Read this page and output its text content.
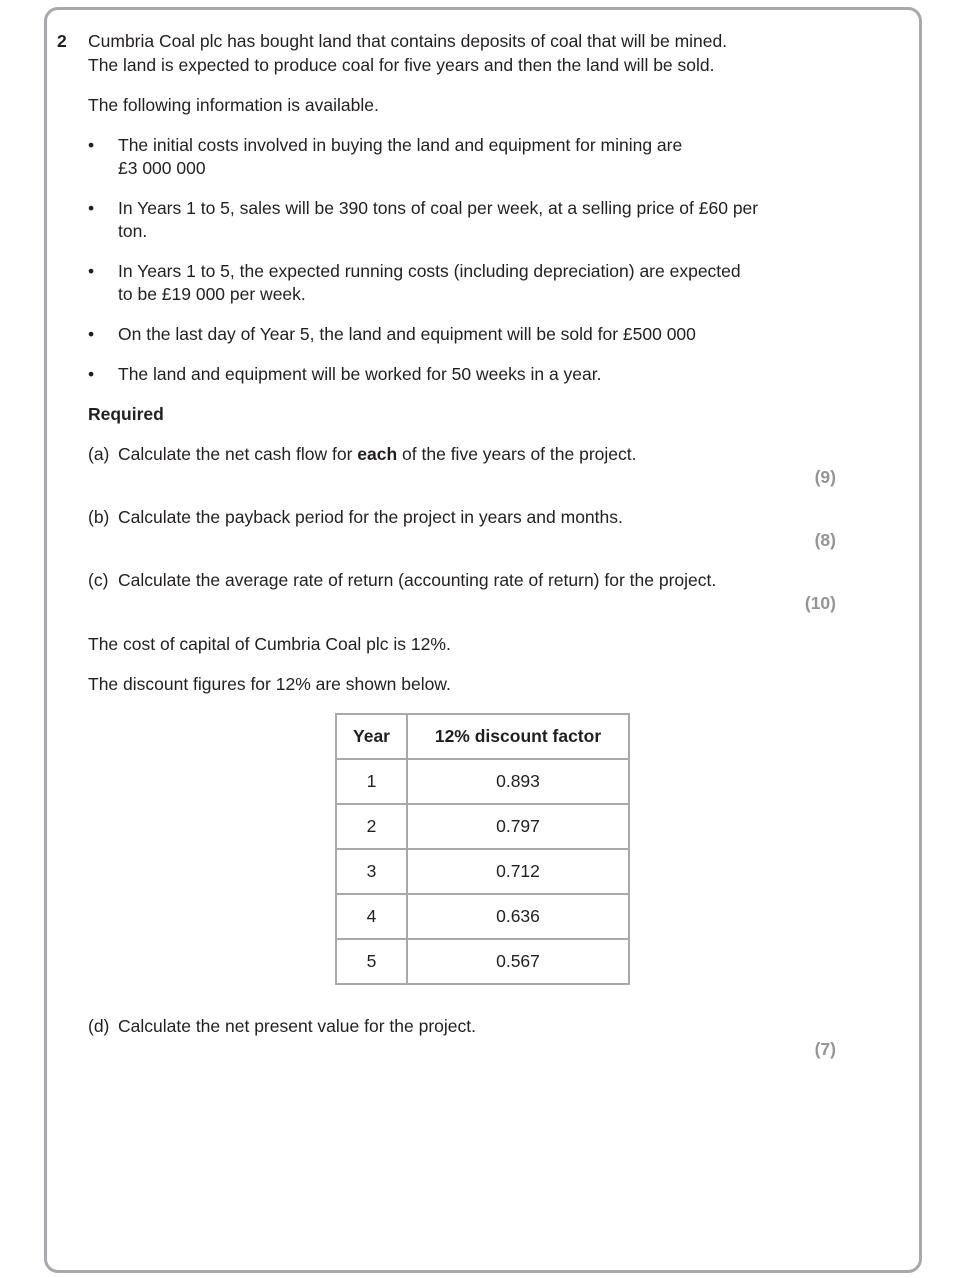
2 Cumbria Coal plc has bought land that contains deposits of coal that will be mined.
The land is expected to produce coal for five years and then the land will be sold.
The following information is available.
• The initial costs involved in buying the land and equipment for mining are
£3 000 000
• In Years 1 to 5, sales will be 390 tons of coal per week, at a selling price of £60 per
ton.
• In Years 1 to 5, the expected running costs (including depreciation) are expected
to be £19 000 per week.
• On the last day of Year 5, the land and equipment will be sold for £500 000
• The land and equipment will be worked for 50 weeks in a year.
Required
(a) Calculate the net cash flow for each of the five years of the project.
(9)
(b) Calculate the payback period for the project in years and months.
(8)
(c) Calculate the average rate of return (accounting rate of return) for the project.
(10)
The cost of capital of Cumbria Coal plc is 12%.
The discount figures for 12% are shown below.
Year	12% discount factor
1	0.893
2	0.797
3	0.712
4	0.636
5	0.567
(d) Calculate the net present value for the project.
(7)
